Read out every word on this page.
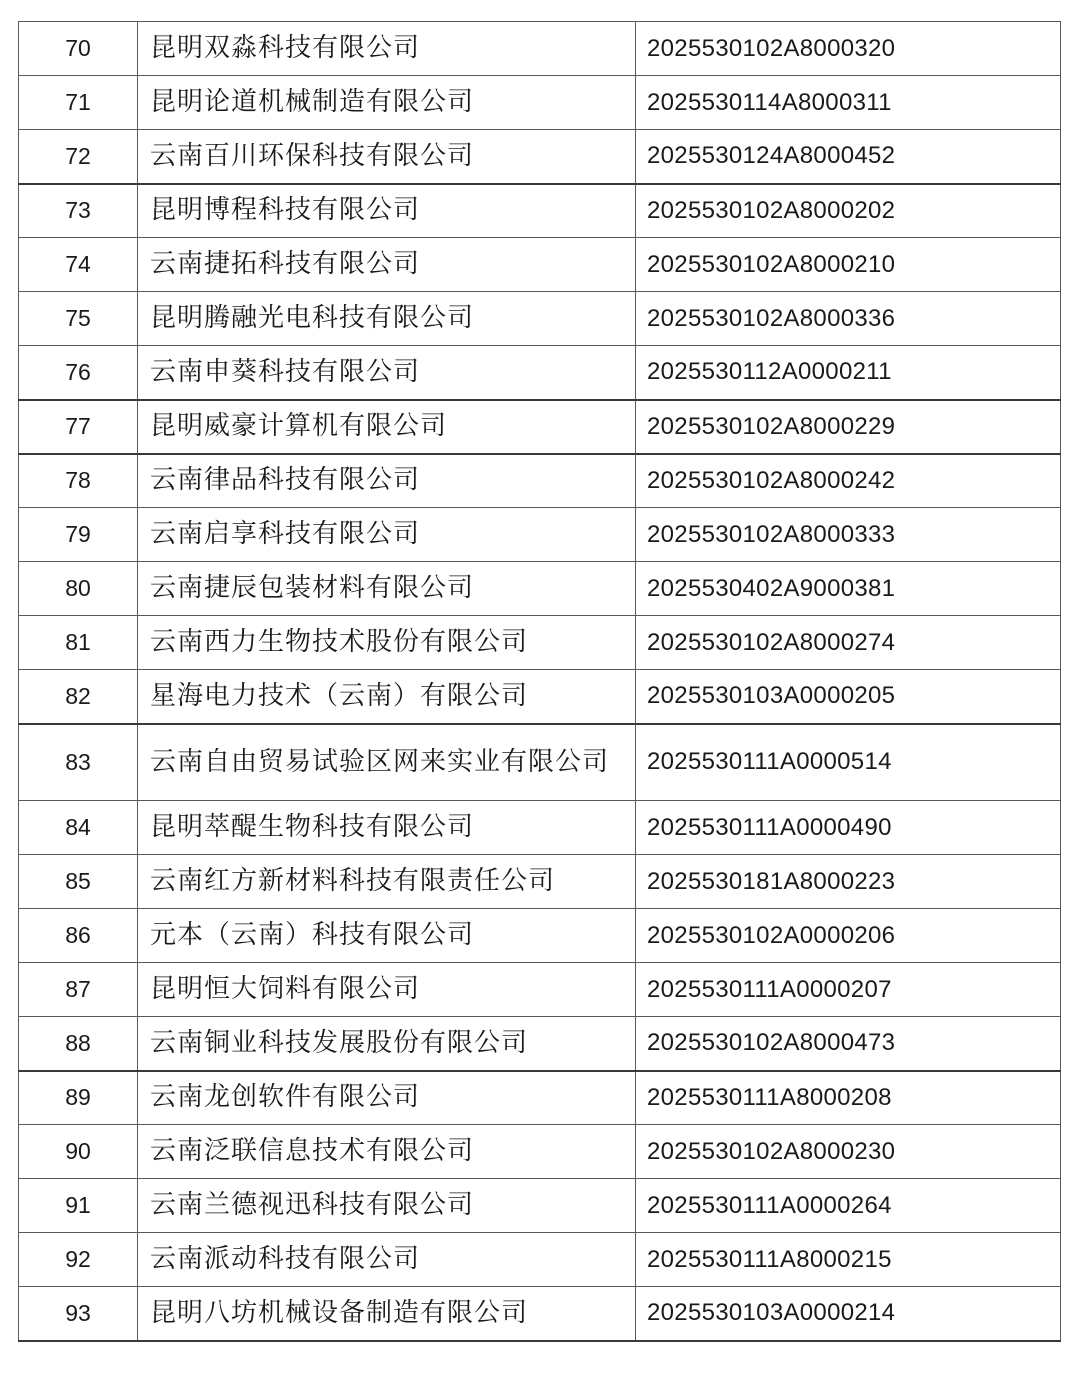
70	昆明双淼科技有限公司	2025530102A8000320
71	昆明论道机械制造有限公司	2025530114A8000311
72	云南百川环保科技有限公司	2025530124A8000452
73	昆明博程科技有限公司	2025530102A8000202
74	云南捷拓科技有限公司	2025530102A8000210
75	昆明腾融光电科技有限公司	2025530102A8000336
76	云南申葵科技有限公司	2025530112A0000211
77	昆明威豪计算机有限公司	2025530102A8000229
78	云南律品科技有限公司	2025530102A8000242
79	云南启享科技有限公司	2025530102A8000333
80	云南捷辰包装材料有限公司	2025530402A9000381
81	云南西力生物技术股份有限公司	2025530102A8000274
82	星海电力技术（云南）有限公司	2025530103A0000205
83	云南自由贸易试验区网来实业有限公司	2025530111A0000514
84	昆明萃醍生物科技有限公司	2025530111A0000490
85	云南红方新材料科技有限责任公司	2025530181A8000223
86	元本（云南）科技有限公司	2025530102A0000206
87	昆明恒大饲料有限公司	2025530111A0000207
88	云南铜业科技发展股份有限公司	2025530102A8000473
89	云南龙创软件有限公司	2025530111A8000208
90	云南泛联信息技术有限公司	2025530102A8000230
91	云南兰德视迅科技有限公司	2025530111A0000264
92	云南派动科技有限公司	2025530111A8000215
93	昆明八坊机械设备制造有限公司	2025530103A0000214
